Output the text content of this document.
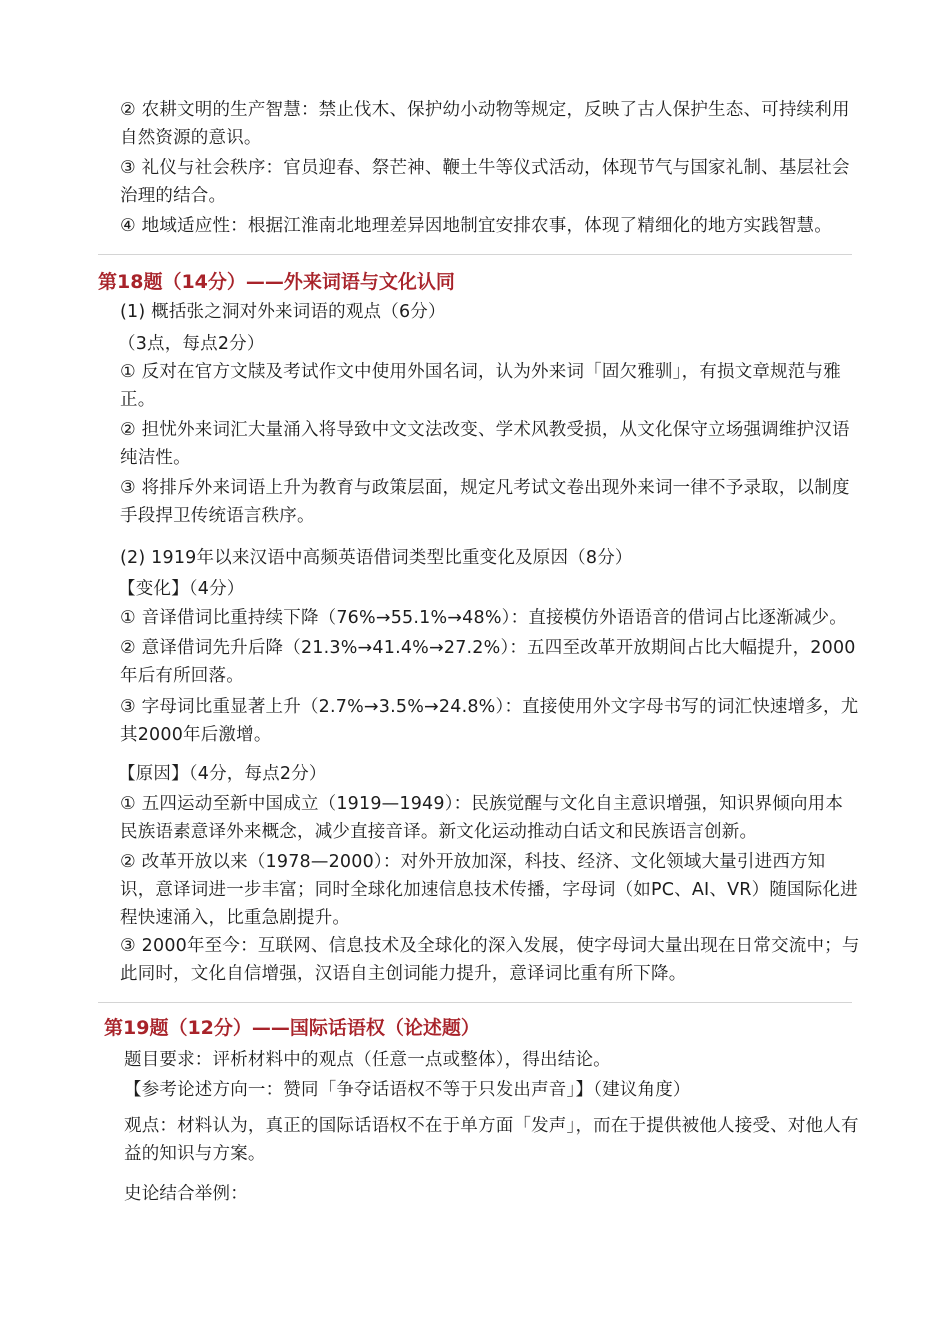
② 农耕文明的生产智慧：禁止伐木、保护幼小动物等规定，反映了古人保护生态、可持续利用自然资源的意识。

③ 礼仪与社会秩序：官员迎春、祭芒神、鞭土牛等仪式活动，体现节气与国家礼制、基层社会治理的结合。

④ 地域适应性：根据江淮南北地理差异因地制宜安排农事，体现了精细化的地方实践智慧。

第18题（14分）——外来词语与文化认同

(1) 概括张之洞对外来词语的观点（6分）

（3点，每点2分）

① 反对在官方文牍及考试作文中使用外国名词，认为外来词「固欠雅驯」，有损文章规范与雅正。

② 担忧外来词汇大量涌入将导致中文文法改变、学术风教受损，从文化保守立场强调维护汉语纯洁性。

③ 将排斥外来词语上升为教育与政策层面，规定凡考试文卷出现外来词一律不予录取，以制度手段捍卫传统语言秩序。

(2) 1919年以来汉语中高频英语借词类型比重变化及原因（8分）

【变化】（4分）

① 音译借词比重持续下降（76%→55.1%→48%）：直接模仿外语语音的借词占比逐渐减少。

② 意译借词先升后降（21.3%→41.4%→27.2%）：五四至改革开放期间占比大幅提升，2000年后有所回落。

③ 字母词比重显著上升（2.7%→3.5%→24.8%）：直接使用外文字母书写的词汇快速增多，尤其2000年后激增。

【原因】（4分，每点2分）

① 五四运动至新中国成立（1919—1949）：民族觉醒与文化自主意识增强，知识界倾向用本民族语素意译外来概念，减少直接音译。新文化运动推动白话文和民族语言创新。

② 改革开放以来（1978—2000）：对外开放加深，科技、经济、文化领域大量引进西方知识，意译词进一步丰富；同时全球化加速信息技术传播，字母词（如PC、AI、VR）随国际化进程快速涌入，比重急剧提升。

③ 2000年至今：互联网、信息技术及全球化的深入发展，使字母词大量出现在日常交流中；与此同时，文化自信增强，汉语自主创词能力提升，意译词比重有所下降。

第19题（12分）——国际话语权（论述题）

题目要求：评析材料中的观点（任意一点或整体），得出结论。

【参考论述方向一：赞同「争夺话语权不等于只发出声音」】（建议角度）

观点：材料认为，真正的国际话语权不在于单方面「发声」，而在于提供被他人接受、对他人有益的知识与方案。

史论结合举例：
